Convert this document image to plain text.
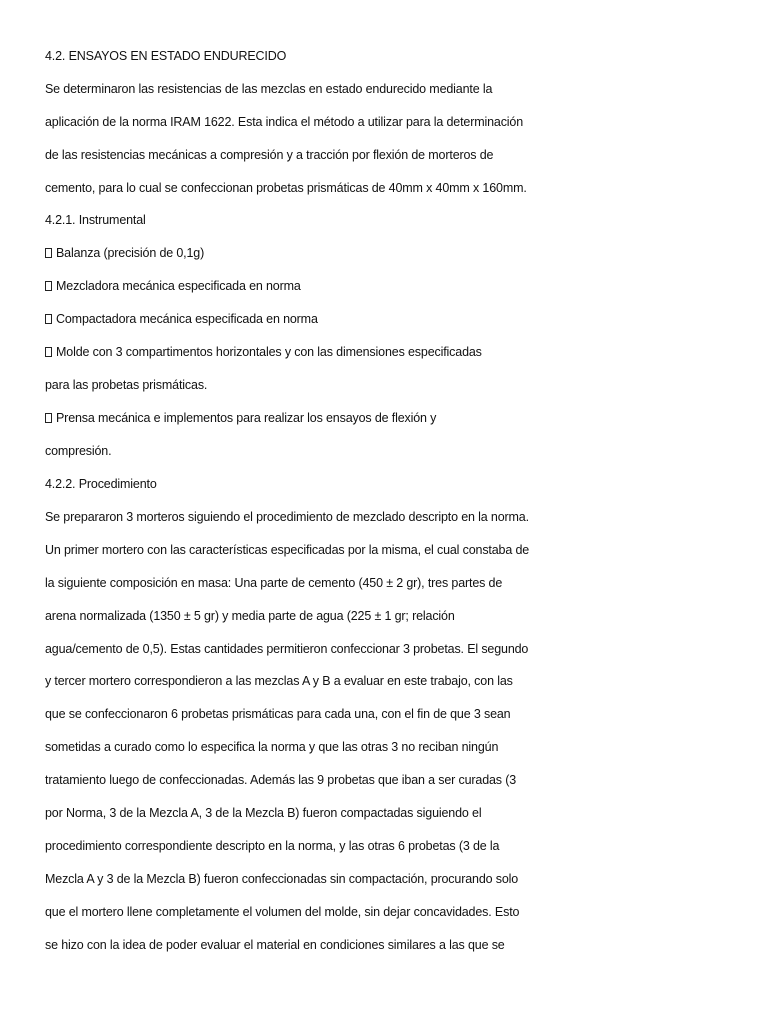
4.2. ENSAYOS EN ESTADO ENDURECIDO
Se determinaron las resistencias de las mezclas en estado endurecido mediante la
aplicación de la norma IRAM 1622. Esta indica el método a utilizar para la determinación
de las resistencias mecánicas a compresión y a tracción por flexión de morteros de
cemento, para lo cual se confeccionan probetas prismáticas de 40mm x 40mm x 160mm.
4.2.1. Instrumental
Balanza (precisión de 0,1g)
Mezcladora mecánica especificada en norma
Compactadora mecánica especificada en norma
Molde con 3 compartimentos horizontales y con las dimensiones especificadas
para las probetas prismáticas.
Prensa mecánica e implementos para realizar los ensayos de flexión y
compresión.
4.2.2. Procedimiento
Se prepararon 3 morteros siguiendo el procedimiento de mezclado descripto en la norma.
Un primer mortero con las características especificadas por la misma, el cual constaba de
la siguiente composición en masa: Una parte de cemento (450 ± 2 gr), tres partes de
arena normalizada (1350 ± 5 gr) y media parte de agua (225 ± 1 gr; relación
agua/cemento de 0,5). Estas cantidades permitieron confeccionar 3 probetas. El segundo
y tercer mortero correspondieron a las mezclas A y B a evaluar en este trabajo, con las
que se confeccionaron 6 probetas prismáticas para cada una, con el fin de que 3 sean
sometidas a curado como lo especifica la norma y que las otras 3 no reciban ningún
tratamiento luego de confeccionadas. Además las 9 probetas que iban a ser curadas (3
por Norma, 3 de la Mezcla A, 3 de la Mezcla B) fueron compactadas siguiendo el
procedimiento correspondiente descripto en la norma, y las otras 6 probetas (3 de la
Mezcla A y 3 de la Mezcla B) fueron confeccionadas sin compactación, procurando solo
que el mortero llene completamente el volumen del molde, sin dejar concavidades. Esto
se hizo con la idea de poder evaluar el material en condiciones similares a las que se
